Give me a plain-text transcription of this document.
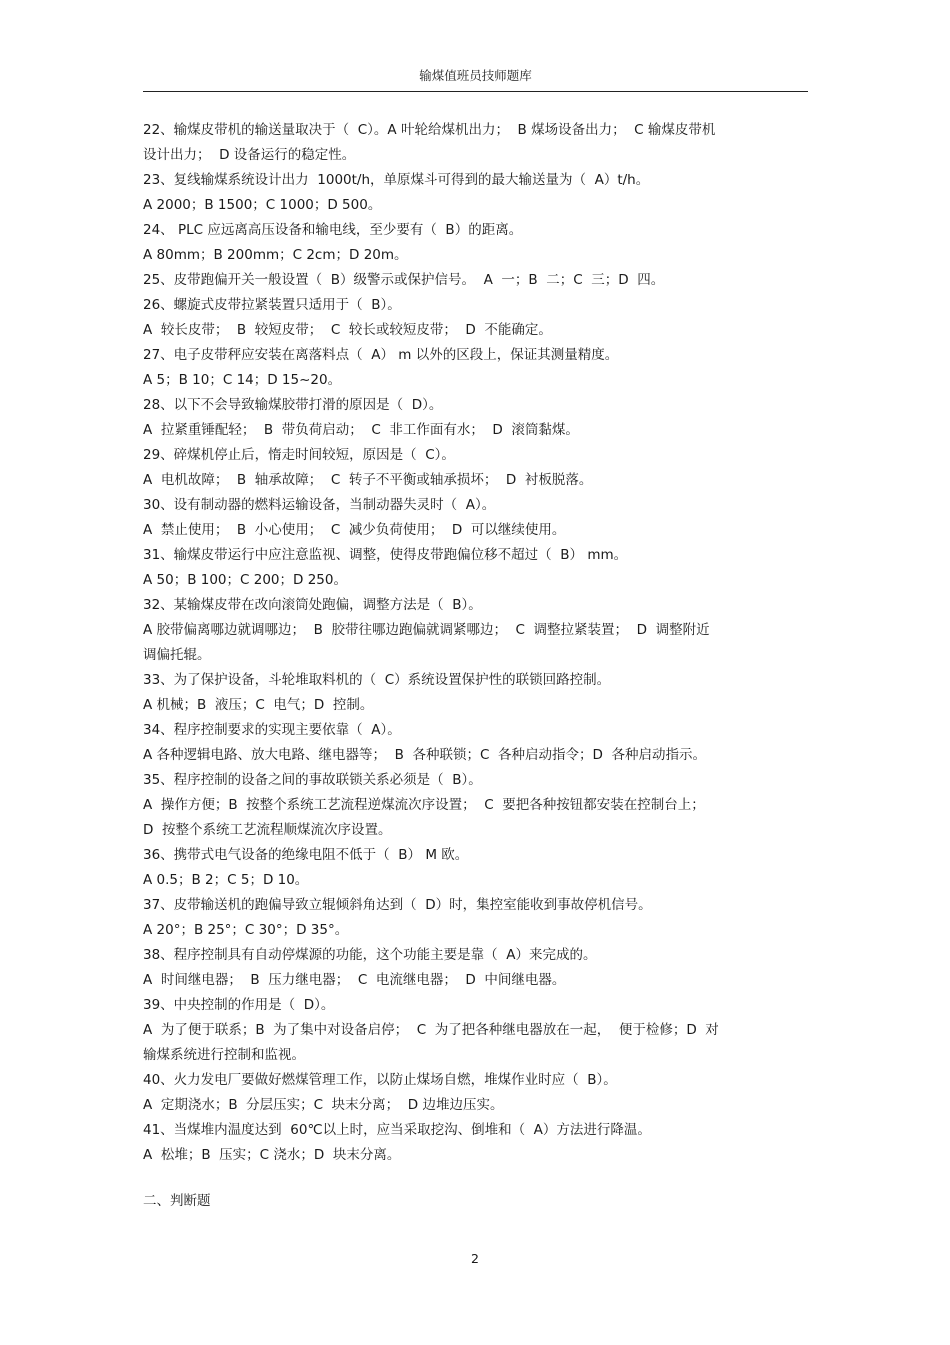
输煤值班员技师题库
22、输煤皮带机的输送量取决于（  C）。A 叶轮给煤机出力；  B 煤场设备出力；  C 输煤皮带机
设计出力；  D 设备运行的稳定性。
23、复线输煤系统设计出力  1000t/h，单原煤斗可得到的最大输送量为（  A）t/h。
A 2000；B 1500；C 1000；D 500。
24、 PLC 应远离高压设备和输电线，至少要有（  B）的距离。
A 80mm；B 200mm；C 2cm；D 20m。
25、皮带跑偏开关一般设置（  B）级警示或保护信号。  A  一；B  二；C  三；D  四。
26、螺旋式皮带拉紧装置只适用于（  B）。
A  较长皮带；  B  较短皮带；  C  较长或较短皮带；  D  不能确定。
27、电子皮带秤应安装在离落料点（  A） m 以外的区段上，保证其测量精度。
A 5；B 10；C 14；D 15~20。
28、以下不会导致输煤胶带打滑的原因是（  D）。
A  拉紧重锤配轻；  B  带负荷启动；  C  非工作面有水；  D  滚筒黏煤。
29、碎煤机停止后，惰走时间较短，原因是（  C）。
A  电机故障；  B  轴承故障；  C  转子不平衡或轴承损坏；  D  衬板脱落。
30、设有制动器的燃料运输设备，当制动器失灵时（  A）。
A  禁止使用；  B  小心使用；  C  减少负荷使用；  D  可以继续使用。
31、输煤皮带运行中应注意监视、调整，使得皮带跑偏位移不超过（  B） mm。
A 50；B 100；C 200；D 250。
32、某输煤皮带在改向滚筒处跑偏，调整方法是（  B）。
A 胶带偏离哪边就调哪边；  B  胶带往哪边跑偏就调紧哪边；  C  调整拉紧装置；  D  调整附近
调偏托辊。
33、为了保护设备，斗轮堆取料机的（  C）系统设置保护性的联锁回路控制。
A 机械；B  液压；C  电气；D  控制。
34、程序控制要求的实现主要依靠（  A）。
A 各种逻辑电路、放大电路、继电器等；  B  各种联锁；C  各种启动指令；D  各种启动指示。
35、程序控制的设备之间的事故联锁关系必须是（  B）。
A  操作方便；B  按整个系统工艺流程逆煤流次序设置；  C  要把各种按钮都安装在控制台上；
D  按整个系统工艺流程顺煤流次序设置。
36、携带式电气设备的绝缘电阻不低于（  B） M 欧。
A 0.5；B 2；C 5；D 10。
37、皮带输送机的跑偏导致立辊倾斜角达到（  D）时，集控室能收到事故停机信号。
A 20°；B 25°；C 30°；D 35°。
38、程序控制具有自动停煤源的功能，这个功能主要是靠（  A）来完成的。
A  时间继电器；  B  压力继电器；  C  电流继电器；  D  中间继电器。
39、中央控制的作用是（  D）。
A  为了便于联系；B  为了集中对设备启停；  C  为了把各种继电器放在一起，  便于检修；D  对
输煤系统进行控制和监视。
40、火力发电厂要做好燃煤管理工作，以防止煤场自燃，堆煤作业时应（  B）。
A  定期浇水；B  分层压实；C  块末分离；  D 边堆边压实。
41、当煤堆内温度达到  60℃以上时，应当采取挖沟、倒堆和（  A）方法进行降温。
A  松堆；B  压实；C 浇水；D  块末分离。
二、判断题
2
